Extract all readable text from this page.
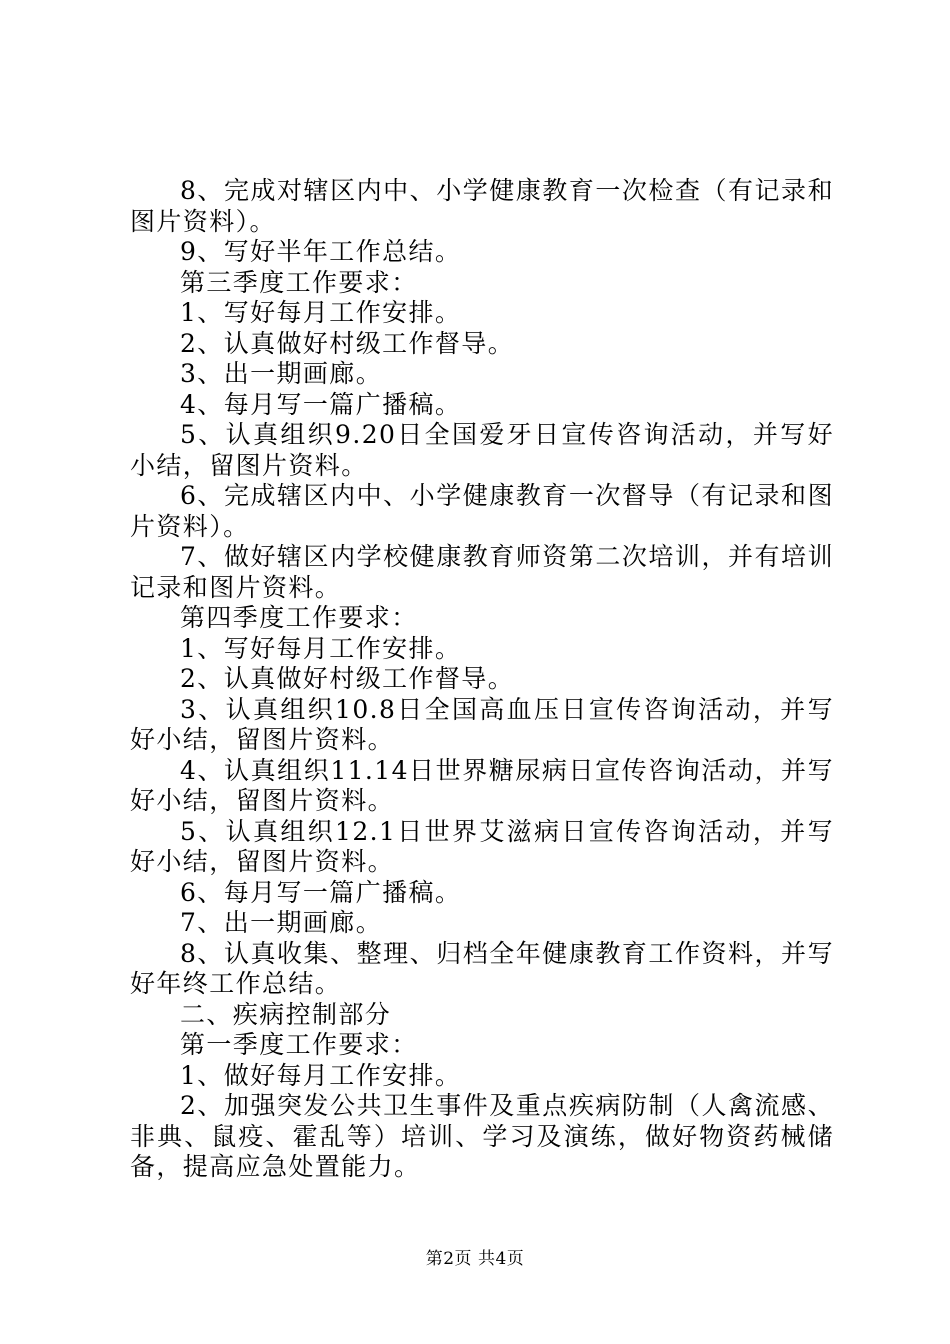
8、完成对辖区内中、小学健康教育一次检查（有记录和图片资料）。

9、写好半年工作总结。

第三季度工作要求：

1、写好每月工作安排。

2、认真做好村级工作督导。

3、出一期画廊。

4、每月写一篇广播稿。

5、认真组织9.20日全国爱牙日宣传咨询活动，并写好小结，留图片资料。

6、完成辖区内中、小学健康教育一次督导（有记录和图片资料）。

7、做好辖区内学校健康教育师资第二次培训，并有培训记录和图片资料。

第四季度工作要求：

1、写好每月工作安排。

2、认真做好村级工作督导。

3、认真组织10.8日全国高血压日宣传咨询活动，并写好小结，留图片资料。

4、认真组织11.14日世界糖尿病日宣传咨询活动，并写好小结，留图片资料。

5、认真组织12.1日世界艾滋病日宣传咨询活动，并写好小结，留图片资料。

6、每月写一篇广播稿。

7、出一期画廊。

8、认真收集、整理、归档全年健康教育工作资料，并写好年终工作总结。

二、疾病控制部分

第一季度工作要求：

1、做好每月工作安排。

2、加强突发公共卫生事件及重点疾病防制（人禽流感、非典、鼠疫、霍乱等）培训、学习及演练，做好物资药械储备，提高应急处置能力。

第2页 共4页
